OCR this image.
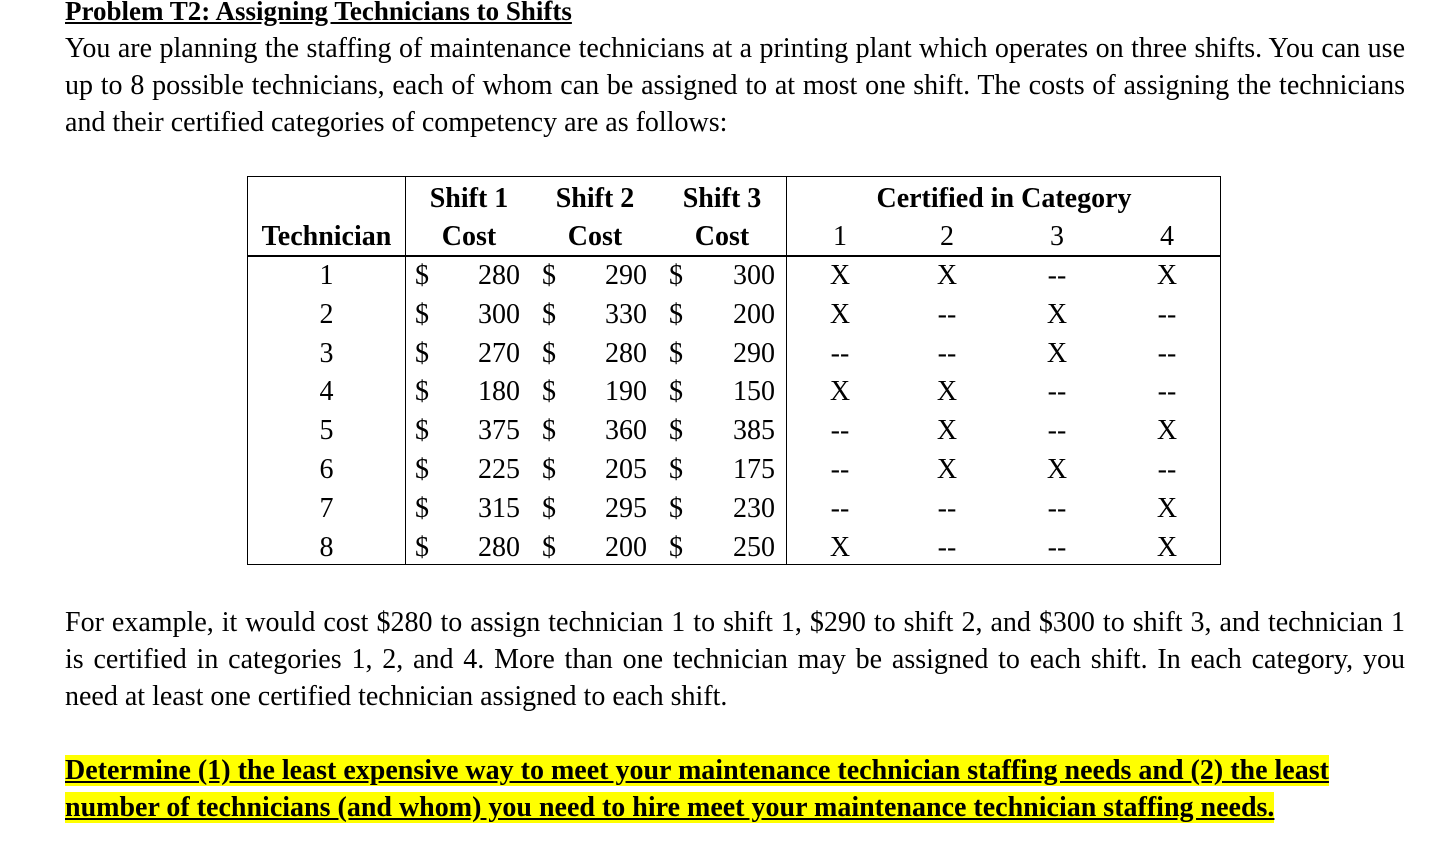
Problem T2: Assigning Technicians to Shifts
You are planning the staffing of maintenance technicians at a printing plant which operates on three shifts. You can use up to 8 possible technicians, each of whom can be assigned to at most one shift. The costs of assigning the technicians and their certified categories of competency are as follows:
Shift 1	Shift 2	Shift 3	Certified in Category
Technician	Cost	Cost	Cost	1	2	3	4
1	$	280 $	290 $	300	X	X	--	X
2	$	300 $	330 $	200	X	--	X	--
3	$	270 $	280 $	290	--	--	X	--
4	$	180 $	190 $	150	X	X	--	--
5	$	375 $	360 $	385	--	X	--	X
6	$	225 $	205 $	175	--	X	X	--
7	$	315 $	295 $	230	--	--	--	X
8	$	280 $	200 $	250	X	--	--	X
For example, it would cost $280 to assign technician 1 to shift 1, $290 to shift 2, and $300 to shift 3, and technician 1 is certified in categories 1, 2, and 4. More than one technician may be assigned to each shift. In each category, you need at least one certified technician assigned to each shift.
Determine (1) the least expensive way to meet your maintenance technician staffing needs and (2) the least number of technicians (and whom) you need to hire meet your maintenance technician staffing needs.
